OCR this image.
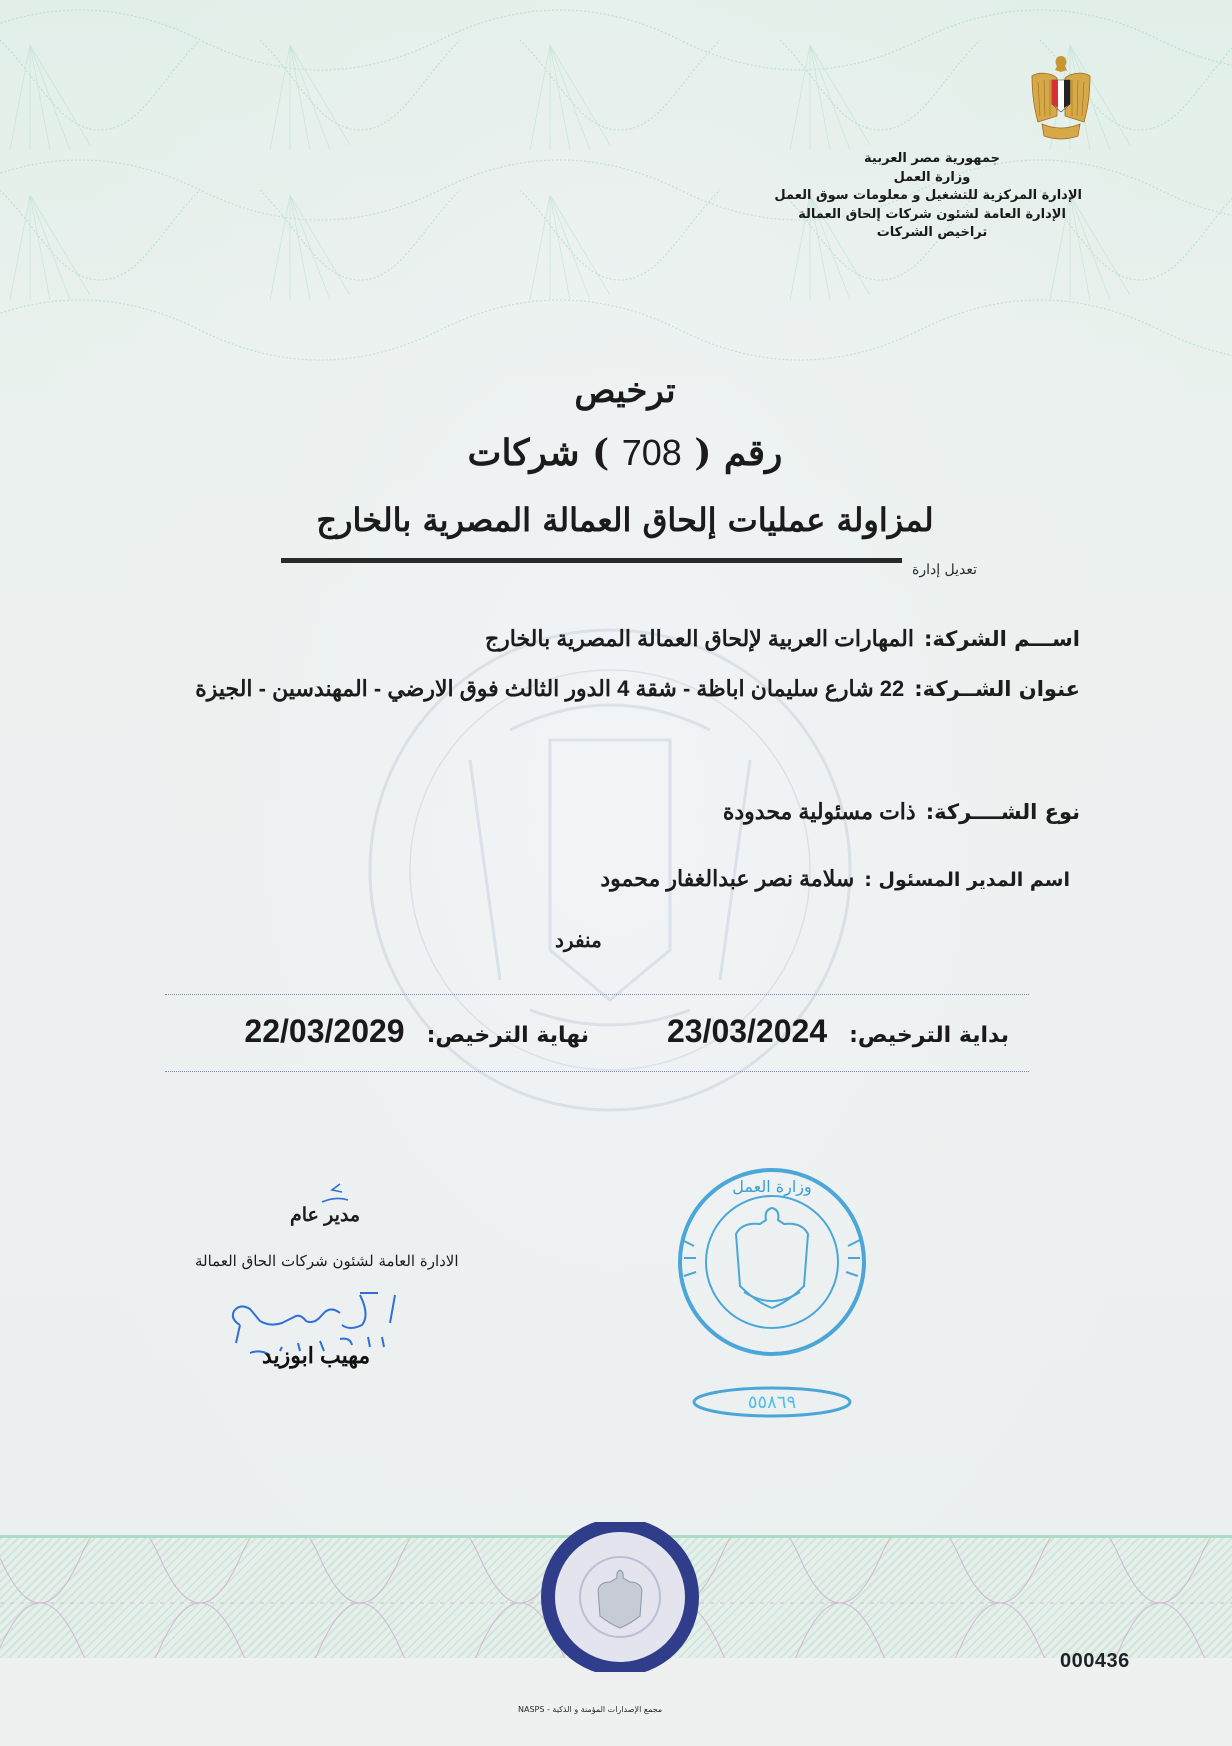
جمهورية مصر العربية
وزارة العمل
الإدارة المركزية للتشغيل و معلومات سوق العمل
الإدارة العامة لشئون شركات إلحاق العمالة
تراخيص الشركات
ترخيص
رقم ( 708 ) شركات
لمزاولة عمليات إلحاق العمالة المصرية بالخارج
تعديل إدارة
اســـم الشركة:
المهارات العربية لإلحاق العمالة المصرية بالخارج
عنوان الشــركة:
22 شارع سليمان اباظة - شقة 4 الدور الثالث فوق الارضي - المهندسين - الجيزة
نوع الشــــركة:
ذات مسئولية محدودة
اسم المدير المسئول :
سلامة نصر عبدالغفار محمود
منفرد
بداية الترخيص:
23/03/2024
نهاية الترخيص:
22/03/2029
مدير عام
الادارة العامة لشئون شركات الحاق العمالة
مهيب ابوزيد
وزارة العمل
٥٥٨٦٩
000436
مجمع الإصدارات المؤمنة و الذكية - NASPS
